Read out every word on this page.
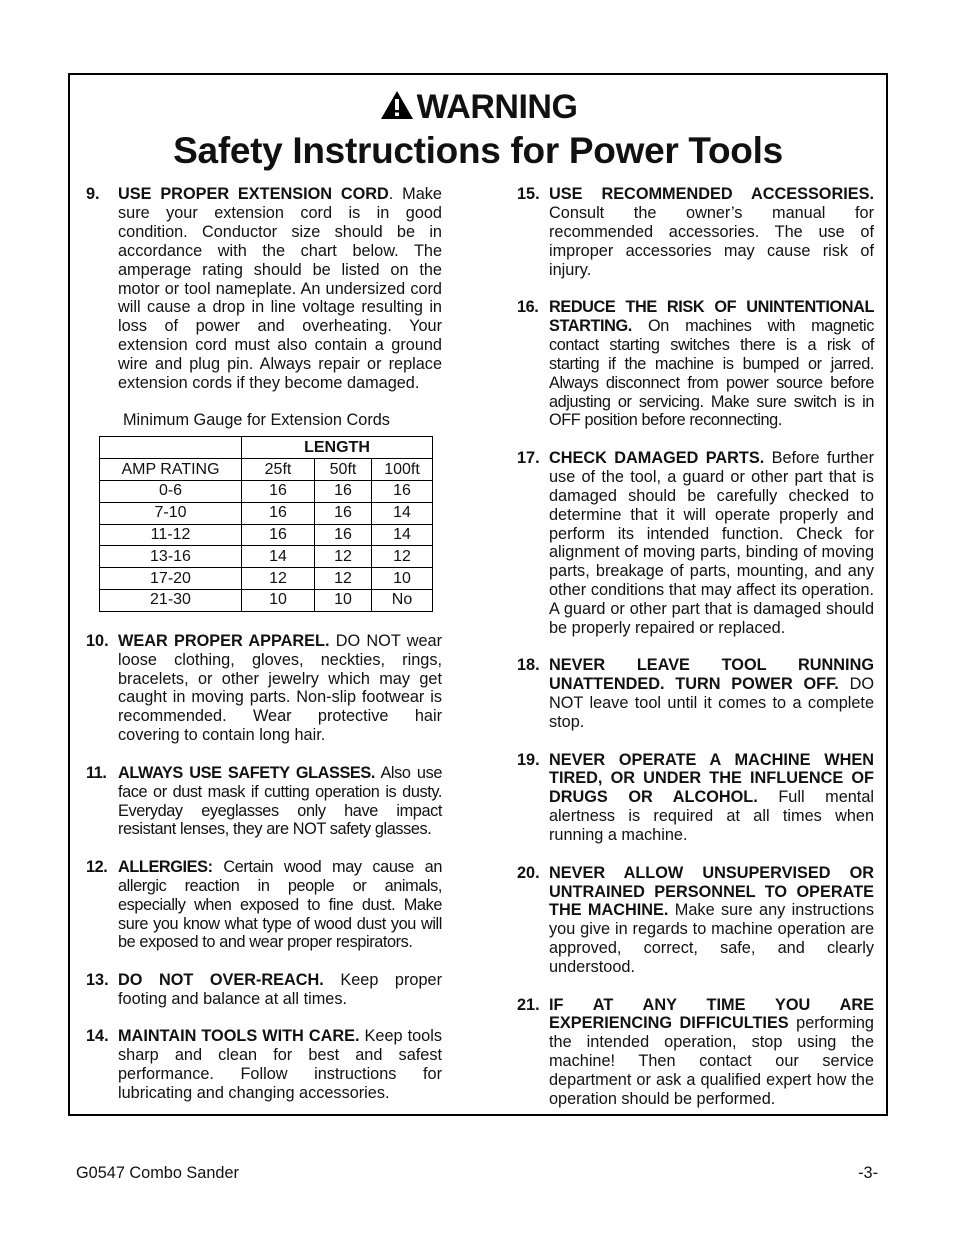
WARNING
Safety Instructions for Power Tools
9. USE PROPER EXTENSION CORD. Make sure your extension cord is in good condition. Conductor size should be in accordance with the chart below. The amperage rating should be listed on the motor or tool nameplate. An undersized cord will cause a drop in line voltage resulting in loss of power and overheating. Your extension cord must also contain a ground wire and plug pin. Always repair or replace extension cords if they become damaged.
Minimum Gauge for Extension Cords
	LENGTH		
AMP RATING	25ft	50ft	100ft
0-6	16	16	16
7-10	16	16	14
11-12	16	16	14
13-16	14	12	12
17-20	12	12	10
21-30	10	10	No
10. WEAR PROPER APPAREL. DO NOT wear loose clothing, gloves, neckties, rings, bracelets, or other jewelry which may get caught in moving parts. Non-slip footwear is recommended. Wear protective hair covering to contain long hair.
11. ALWAYS USE SAFETY GLASSES. Also use face or dust mask if cutting operation is dusty. Everyday eyeglasses only have impact resistant lenses, they are NOT safety glasses.
12. ALLERGIES: Certain wood may cause an allergic reaction in people or animals, especially when exposed to fine dust. Make sure you know what type of wood dust you will be exposed to and wear proper respirators.
13. DO NOT OVER-REACH. Keep proper footing and balance at all times.
14. MAINTAIN TOOLS WITH CARE. Keep tools sharp and clean for best and safest performance. Follow instructions for lubricating and changing accessories.
15. USE RECOMMENDED ACCESSORIES. Consult the owner’s manual for recommended accessories. The use of improper accessories may cause risk of injury.
16. REDUCE THE RISK OF UNINTENTIONAL STARTING. On machines with magnetic contact starting switches there is a risk of starting if the machine is bumped or jarred. Always disconnect from power source before adjusting or servicing. Make sure switch is in OFF position before reconnecting.
17. CHECK DAMAGED PARTS. Before further use of the tool, a guard or other part that is damaged should be carefully checked to determine that it will operate properly and perform its intended function. Check for alignment of moving parts, binding of moving parts, breakage of parts, mounting, and any other conditions that may affect its operation. A guard or other part that is damaged should be properly repaired or replaced.
18. NEVER LEAVE TOOL RUNNING UNATTENDED. TURN POWER OFF. DO NOT leave tool until it comes to a complete stop.
19. NEVER OPERATE A MACHINE WHEN TIRED, OR UNDER THE INFLUENCE OF DRUGS OR ALCOHOL. Full mental alertness is required at all times when running a machine.
20. NEVER ALLOW UNSUPERVISED OR UNTRAINED PERSONNEL TO OPERATE THE MACHINE. Make sure any instructions you give in regards to machine operation are approved, correct, safe, and clearly understood.
21. IF AT ANY TIME YOU ARE EXPERIENCING DIFFICULTIES performing the intended operation, stop using the machine! Then contact our service department or ask a qualified expert how the operation should be performed.
G0547 Combo Sander	-3-
